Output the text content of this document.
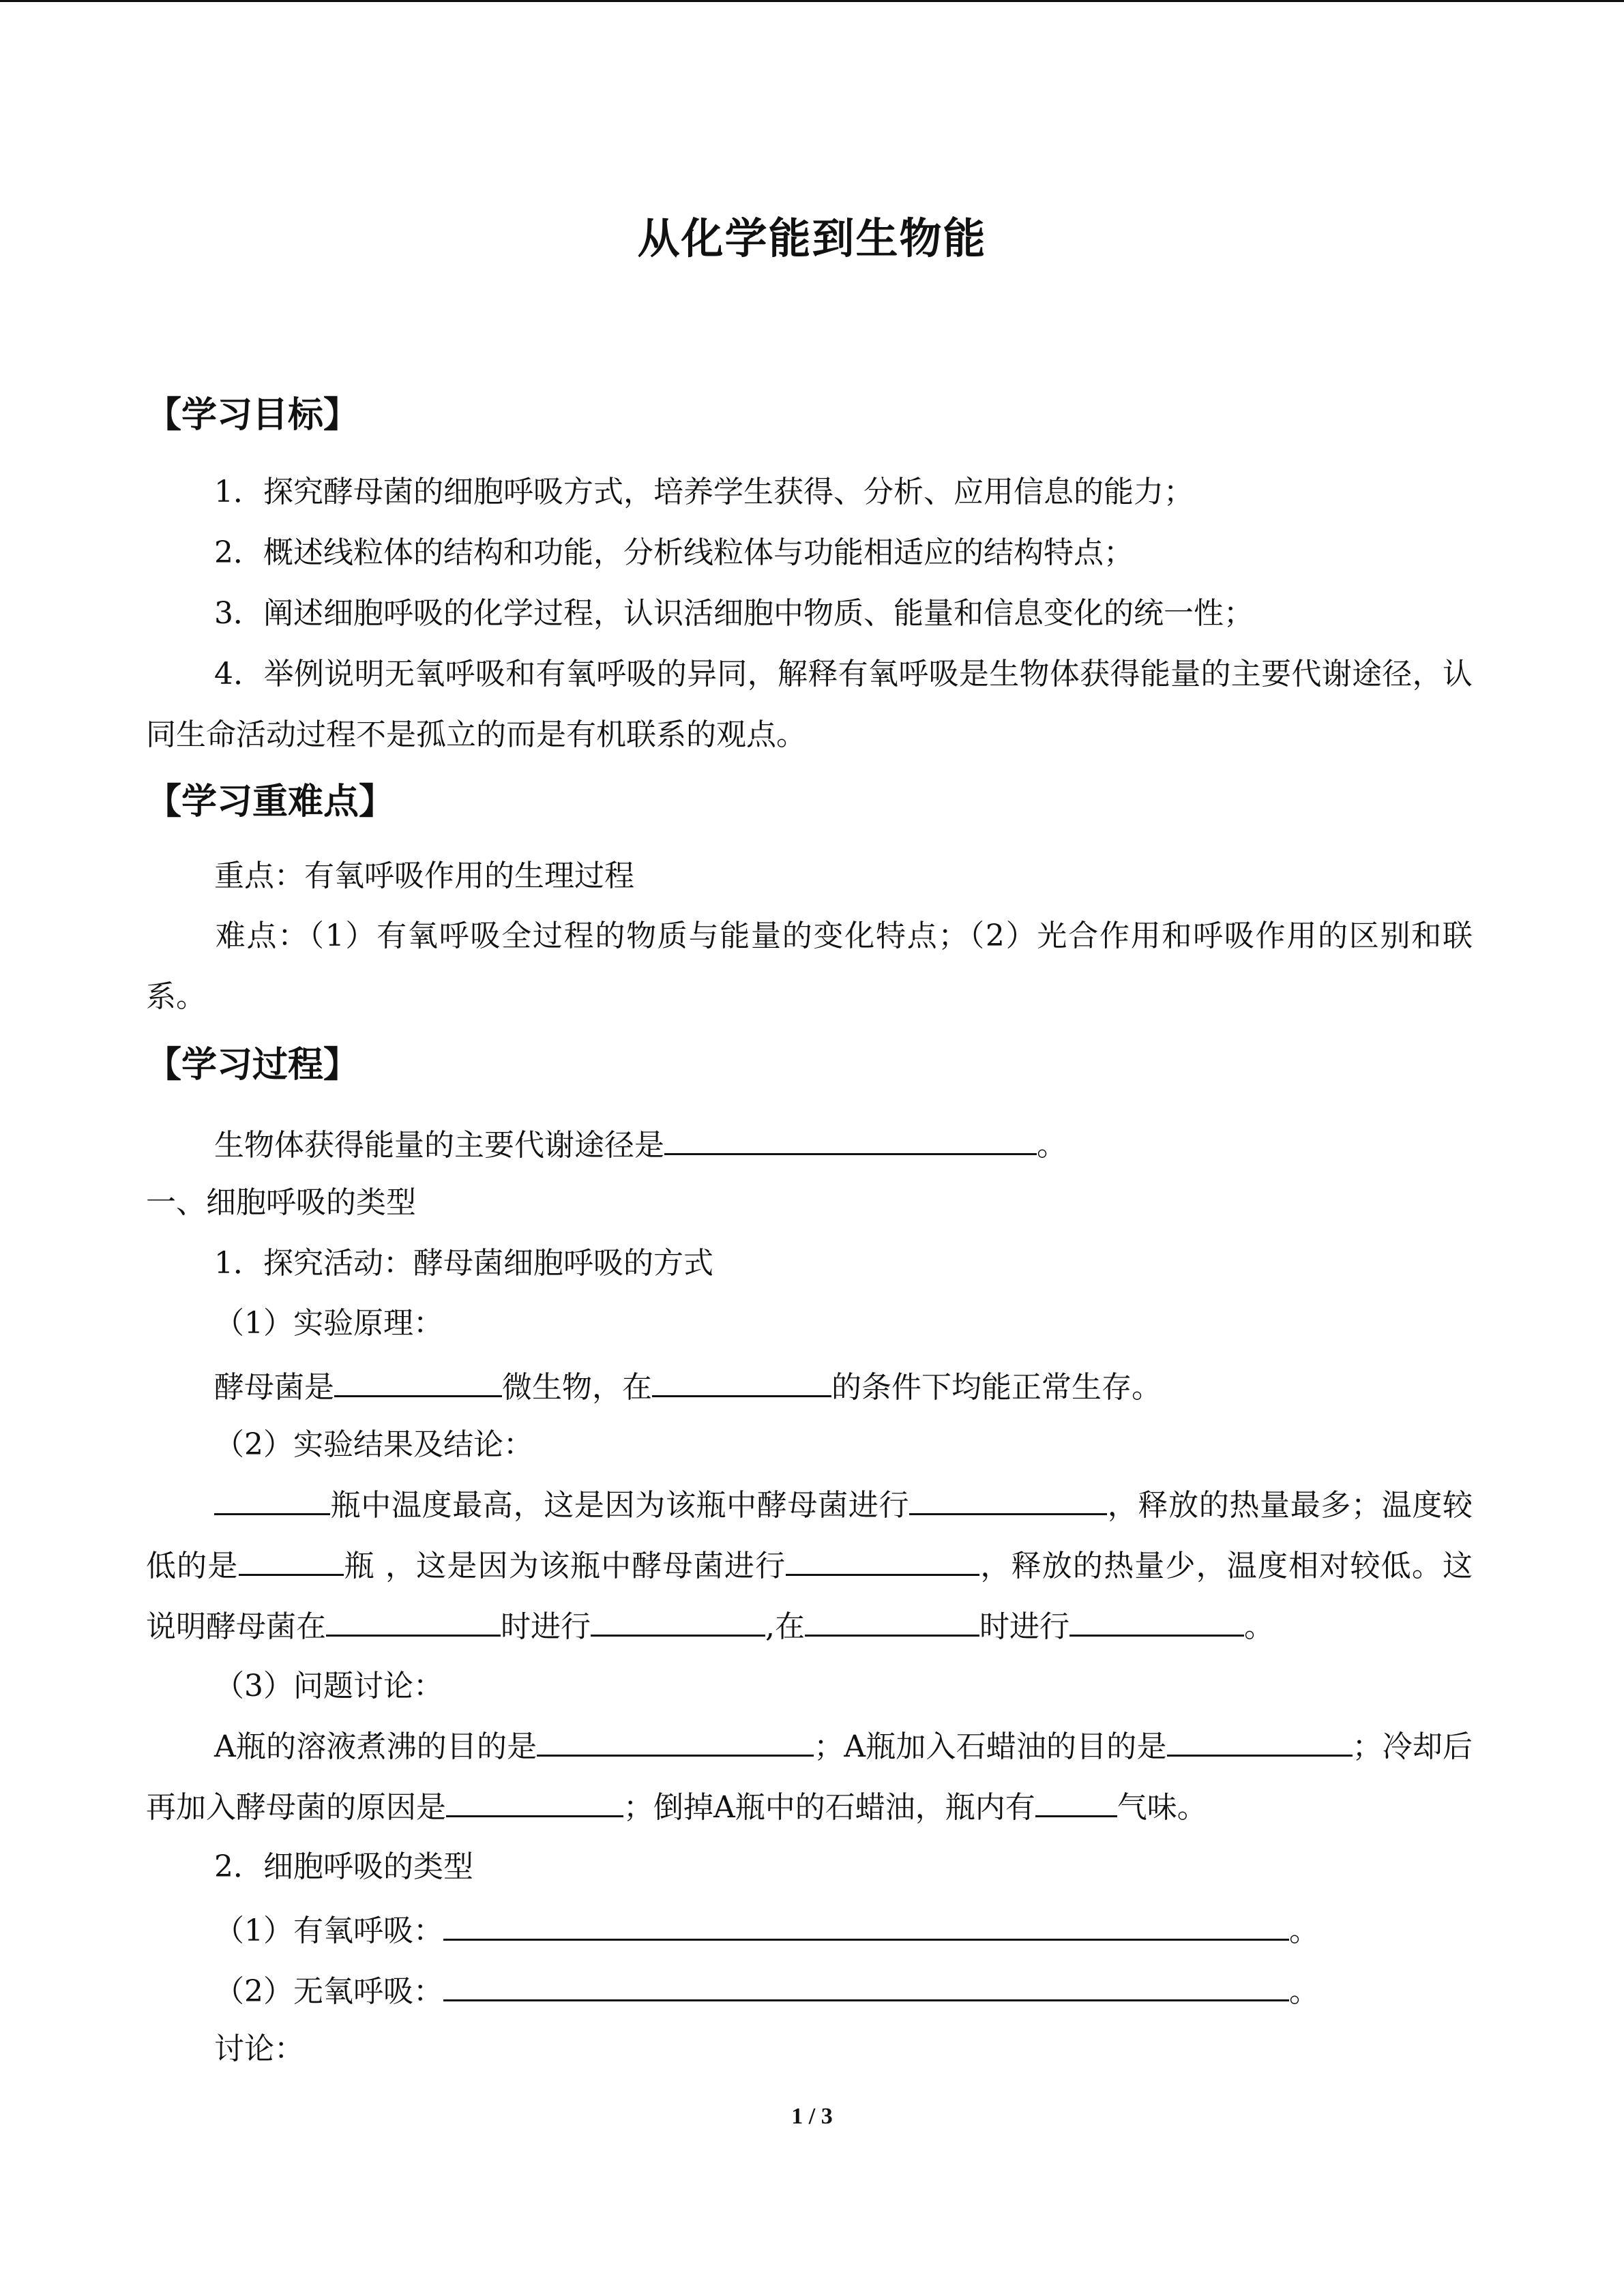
从化学能到生物能
【学习目标】
1．探究酵母菌的细胞呼吸方式，培养学生获得、分析、应用信息的能力；
2．概述线粒体的结构和功能，分析线粒体与功能相适应的结构特点；
3．阐述细胞呼吸的化学过程，认识活细胞中物质、能量和信息变化的统一性；
4．举例说明无氧呼吸和有氧呼吸的异同，解释有氧呼吸是生物体获得能量的主要代谢途径，认同生命活动过程不是孤立的而是有机联系的观点。
【学习重难点】
重点：有氧呼吸作用的生理过程
难点：（1）有氧呼吸全过程的物质与能量的变化特点；（2）光合作用和呼吸作用的区别和联系。
【学习过程】
生物体获得能量的主要代谢途径是	。
一、细胞呼吸的类型
1．探究活动：酵母菌细胞呼吸的方式
（1）实验原理：
酵母菌是	微生物，在	的条件下均能正常生存。
（2）实验结果及结论：
瓶中温度最高，这是因为该瓶中酵母菌进行	，释放的热量最多；温度较低的是	瓶 ，这是因为该瓶中酵母菌进行	，释放的热量少，温度相对较低。这说明酵母菌在	时进行	,在	时进行	。
（3）问题讨论：
A瓶的溶液煮沸的目的是	；A瓶加入石蜡油的目的是	；冷却后再加入酵母菌的原因是	；倒掉A瓶中的石蜡油，瓶内有	气味。
2．细胞呼吸的类型
（1）有氧呼吸：	。
（2）无氧呼吸：	。
讨论：
1 / 3
